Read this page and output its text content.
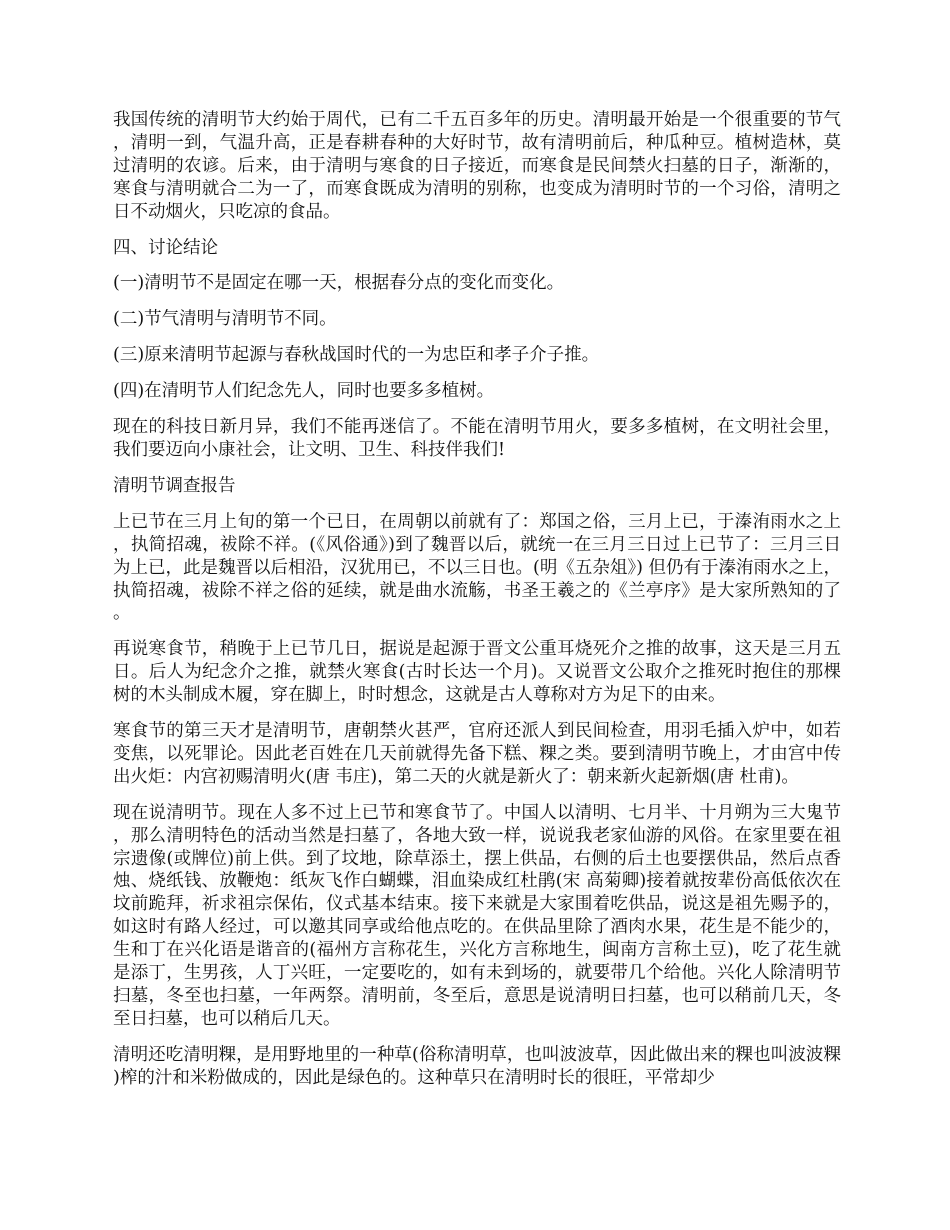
我国传统的清明节大约始于周代，已有二千五百多年的历史。清明最开始是一个很重要的节气，清明一到，气温升高，正是春耕春种的大好时节，故有清明前后，种瓜种豆。植树造林，莫过清明的农谚。后来，由于清明与寒食的日子接近，而寒食是民间禁火扫墓的日子，渐渐的，寒食与清明就合二为一了，而寒食既成为清明的别称，也变成为清明时节的一个习俗，清明之日不动烟火，只吃凉的食品。

四、讨论结论

(一)清明节不是固定在哪一天，根据春分点的变化而变化。

(二)节气清明与清明节不同。

(三)原来清明节起源与春秋战国时代的一为忠臣和孝子介子推。

(四)在清明节人们纪念先人，同时也要多多植树。

现在的科技日新月异，我们不能再迷信了。不能在清明节用火，要多多植树，在文明社会里，我们要迈向小康社会，让文明、卫生、科技伴我们!

清明节调查报告

上已节在三月上旬的第一个已日，在周朝以前就有了：郑国之俗，三月上已，于溱洧雨水之上，执简招魂，祓除不祥。(《风俗通》)到了魏晋以后，就统一在三月三日过上已节了：三月三日为上已，此是魏晋以后相沿，汉犹用已，不以三日也。(明《五杂俎》) 但仍有于溱洧雨水之上，执简招魂，祓除不祥之俗的延续，就是曲水流觞，书圣王羲之的《兰亭序》是大家所熟知的了。

再说寒食节，稍晚于上已节几日，据说是起源于晋文公重耳烧死介之推的故事，这天是三月五日。后人为纪念介之推，就禁火寒食(古时长达一个月)。又说晋文公取介之推死时抱住的那棵树的木头制成木履，穿在脚上，时时想念，这就是古人尊称对方为足下的由来。

寒食节的第三天才是清明节，唐朝禁火甚严，官府还派人到民间检查，用羽毛插入炉中，如若变焦，以死罪论。因此老百姓在几天前就得先备下糕、粿之类。要到清明节晚上，才由宫中传出火炬：内宫初赐清明火(唐 韦庄)，第二天的火就是新火了：朝来新火起新烟(唐 杜甫)。

现在说清明节。现在人多不过上已节和寒食节了。中国人以清明、七月半、十月朔为三大鬼节，那么清明特色的活动当然是扫墓了，各地大致一样，说说我老家仙游的风俗。在家里要在祖宗遗像(或牌位)前上供。到了坟地，除草添土，摆上供品，右侧的后土也要摆供品，然后点香烛、烧纸钱、放鞭炮：纸灰飞作白蝴蝶，泪血染成红杜鹃(宋 高菊卿)接着就按辈份高低依次在坟前跪拜，祈求祖宗保佑，仪式基本结束。接下来就是大家围着吃供品，说这是祖先赐予的，如这时有路人经过，可以邀其同享或给他点吃的。在供品里除了酒肉水果，花生是不能少的，生和丁在兴化语是谐音的(福州方言称花生，兴化方言称地生，闽南方言称土豆)，吃了花生就是添丁，生男孩，人丁兴旺，一定要吃的，如有未到场的，就要带几个给他。兴化人除清明节扫墓，冬至也扫墓，一年两祭。清明前，冬至后，意思是说清明日扫墓，也可以稍前几天，冬至日扫墓，也可以稍后几天。

清明还吃清明粿，是用野地里的一种草(俗称清明草，也叫波波草，因此做出来的粿也叫波波粿)榨的汁和米粉做成的，因此是绿色的。这种草只在清明时长的很旺，平常却少
